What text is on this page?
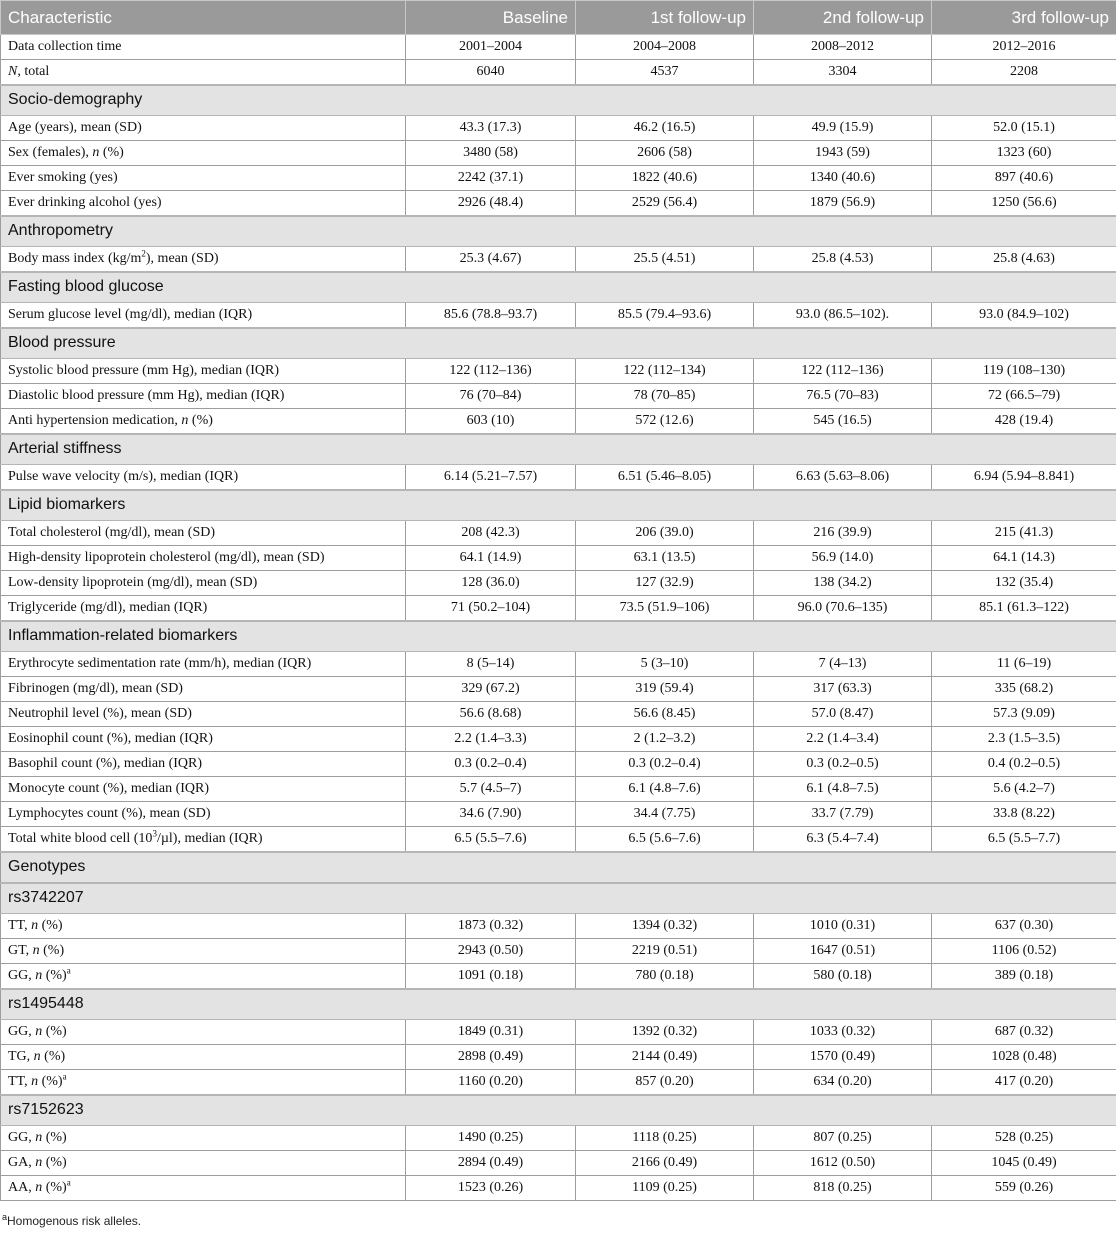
Characteristic	Baseline	1st follow-up	2nd follow-up	3rd follow-up
Data collection time	2001–2004	2004–2008	2008–2012	2012–2016
N, total	6040	4537	3304	2208
Socio-demography				
Age (years), mean (SD)	43.3 (17.3)	46.2 (16.5)	49.9 (15.9)	52.0 (15.1)
Sex (females), n (%)	3480 (58)	2606 (58)	1943 (59)	1323 (60)
Ever smoking (yes)	2242 (37.1)	1822 (40.6)	1340 (40.6)	897 (40.6)
Ever drinking alcohol (yes)	2926 (48.4)	2529 (56.4)	1879 (56.9)	1250 (56.6)
Anthropometry				
Body mass index $(kg/m^2)$, mean (SD)	25.3 (4.67)	25.5 (4.51)	25.8 (4.53)	25.8 (4.63)
Fasting blood glucose				
Serum glucose level (mg/dl), median (IQR)	85.6 (78.8–93.7)	85.5 (79.4–93.6)	93.0 (86.5–102).	93.0 (84.9–102)
Blood pressure				
Systolic blood pressure (mm Hg), median (IQR)	122 (112–136)	122 (112–134)	122 (112–136)	119 (108–130)
Diastolic blood pressure (mm Hg), median (IQR)	76 (70–84)	78 (70–85)	76.5 (70–83)	72 (66.5–79)
Anti hypertension medication, n (%)	603 (10)	572 (12.6)	545 (16.5)	428 (19.4)
Arterial stiffness				
Pulse wave velocity (m/s), median (IQR)	6.14 (5.21–7.57)	6.51 (5.46–8.05)	6.63 (5.63–8.06)	6.94 (5.94–8.841)
Lipid biomarkers				
Total cholesterol (mg/dl), mean (SD)	208 (42.3)	206 (39.0)	216 (39.9)	215 (41.3)
High-density lipoprotein cholesterol (mg/dl), mean (SD)	64.1 (14.9)	63.1 (13.5)	56.9 (14.0)	64.1 (14.3)
Low-density lipoprotein (mg/dl), mean (SD)	128 (36.0)	127 (32.9)	138 (34.2)	132 (35.4)
Triglyceride (mg/dl), median (IQR)	71 (50.2–104)	73.5 (51.9–106)	96.0 (70.6–135)	85.1 (61.3–122)
Inflammation-related biomarkers				
Erythrocyte sedimentation rate (mm/h), median (IQR)	8 (5–14)	5 (3–10)	7 (4–13)	11 (6–19)
Fibrinogen (mg/dl), mean (SD)	329 (67.2)	319 (59.4)	317 (63.3)	335 (68.2)
Neutrophil level (%), mean (SD)	56.6 (8.68)	56.6 (8.45)	57.0 (8.47)	57.3 (9.09)
Eosinophil count (%), median (IQR)	2.2 (1.4–3.3)	2 (1.2–3.2)	2.2 (1.4–3.4)	2.3 (1.5–3.5)
Basophil count (%), median (IQR)	0.3 (0.2–0.4)	0.3 (0.2–0.4)	0.3 (0.2–0.5)	0.4 (0.2–0.5)
Monocyte count (%), median (IQR)	5.7 (4.5–7)	6.1 (4.8–7.6)	6.1 (4.8–7.5)	5.6 (4.2–7)
Lymphocytes count (%), mean (SD)	34.6 (7.90)	34.4 (7.75)	33.7 (7.79)	33.8 (8.22)
Total white blood cell $(10^3/\mu l)$, median (IQR)	6.5 (5.5–7.6)	6.5 (5.6–7.6)	6.3 (5.4–7.4)	6.5 (5.5–7.7)
Genotypes				
rs3742207				
TT, n (%)	1873 (0.32)	1394 (0.32)	1010 (0.31)	637 (0.30)
GT, n (%)	2943 (0.50)	2219 (0.51)	1647 (0.51)	1106 (0.52)
GG, n (%)$^a$	1091 (0.18)	780 (0.18)	580 (0.18)	389 (0.18)
rs1495448				
GG, n (%)	1849 (0.31)	1392 (0.32)	1033 (0.32)	687 (0.32)
TG, n (%)	2898 (0.49)	2144 (0.49)	1570 (0.49)	1028 (0.48)
TT, n (%)$^a$	1160 (0.20)	857 (0.20)	634 (0.20)	417 (0.20)
rs7152623				
GG, n (%)	1490 (0.25)	1118 (0.25)	807 (0.25)	528 (0.25)
GA, n (%)	2894 (0.49)	2166 (0.49)	1612 (0.50)	1045 (0.49)
AA, n (%)$^a$	1523 (0.26)	1109 (0.25)	818 (0.25)	559 (0.26)
$^a$Homogenous risk alleles.
